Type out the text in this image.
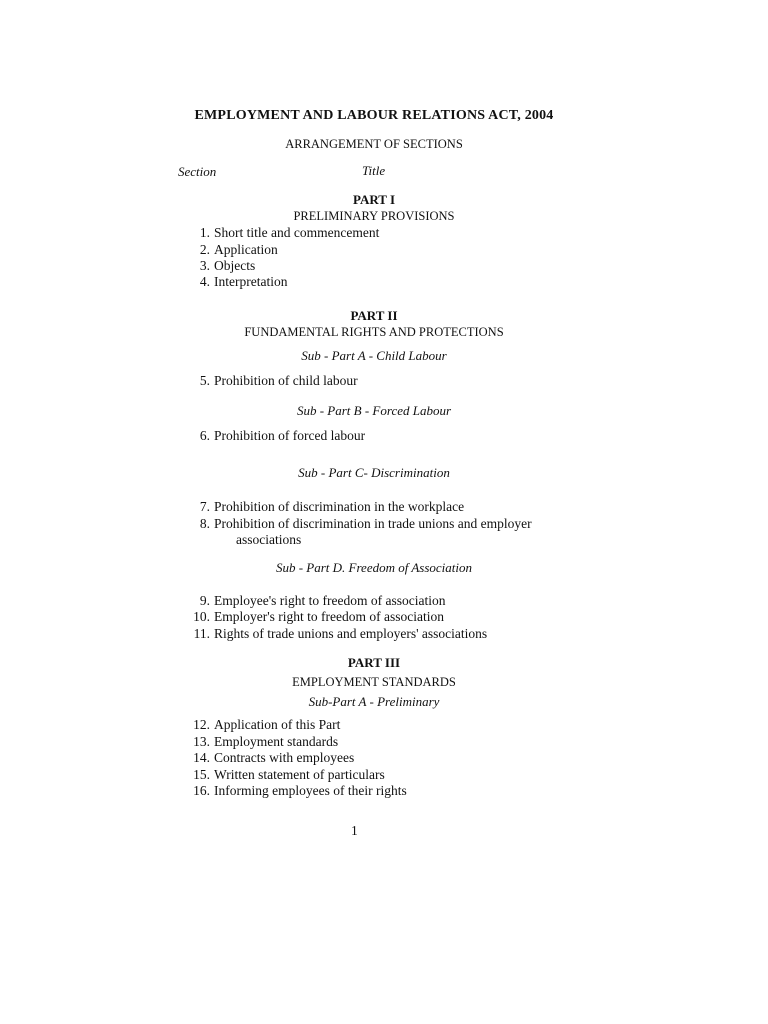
EMPLOYMENT AND LABOUR RELATIONS ACT, 2004
ARRANGEMENT OF SECTIONS
Section	Title
PART I
PRELIMINARY PROVISIONS
1. Short title and commencement
2. Application
3. Objects
4. Interpretation
PART II
FUNDAMENTAL RIGHTS AND PROTECTIONS
Sub - Part A - Child Labour
5. Prohibition of child labour
Sub - Part B - Forced Labour
6. Prohibition of forced labour
Sub - Part C- Discrimination
7. Prohibition of discrimination in the workplace
8. Prohibition of discrimination in trade unions and employer
associations
Sub - Part D. Freedom of Association
9. Employee's right to freedom of association
10. Employer's right to freedom of association
11. Rights of trade unions and employers' associations
PART III
EMPLOYMENT STANDARDS
Sub-Part A - Preliminary
12. Application of this Part
13. Employment standards
14. Contracts with employees
15. Written statement of particulars
16. Informing employees of their rights
1
